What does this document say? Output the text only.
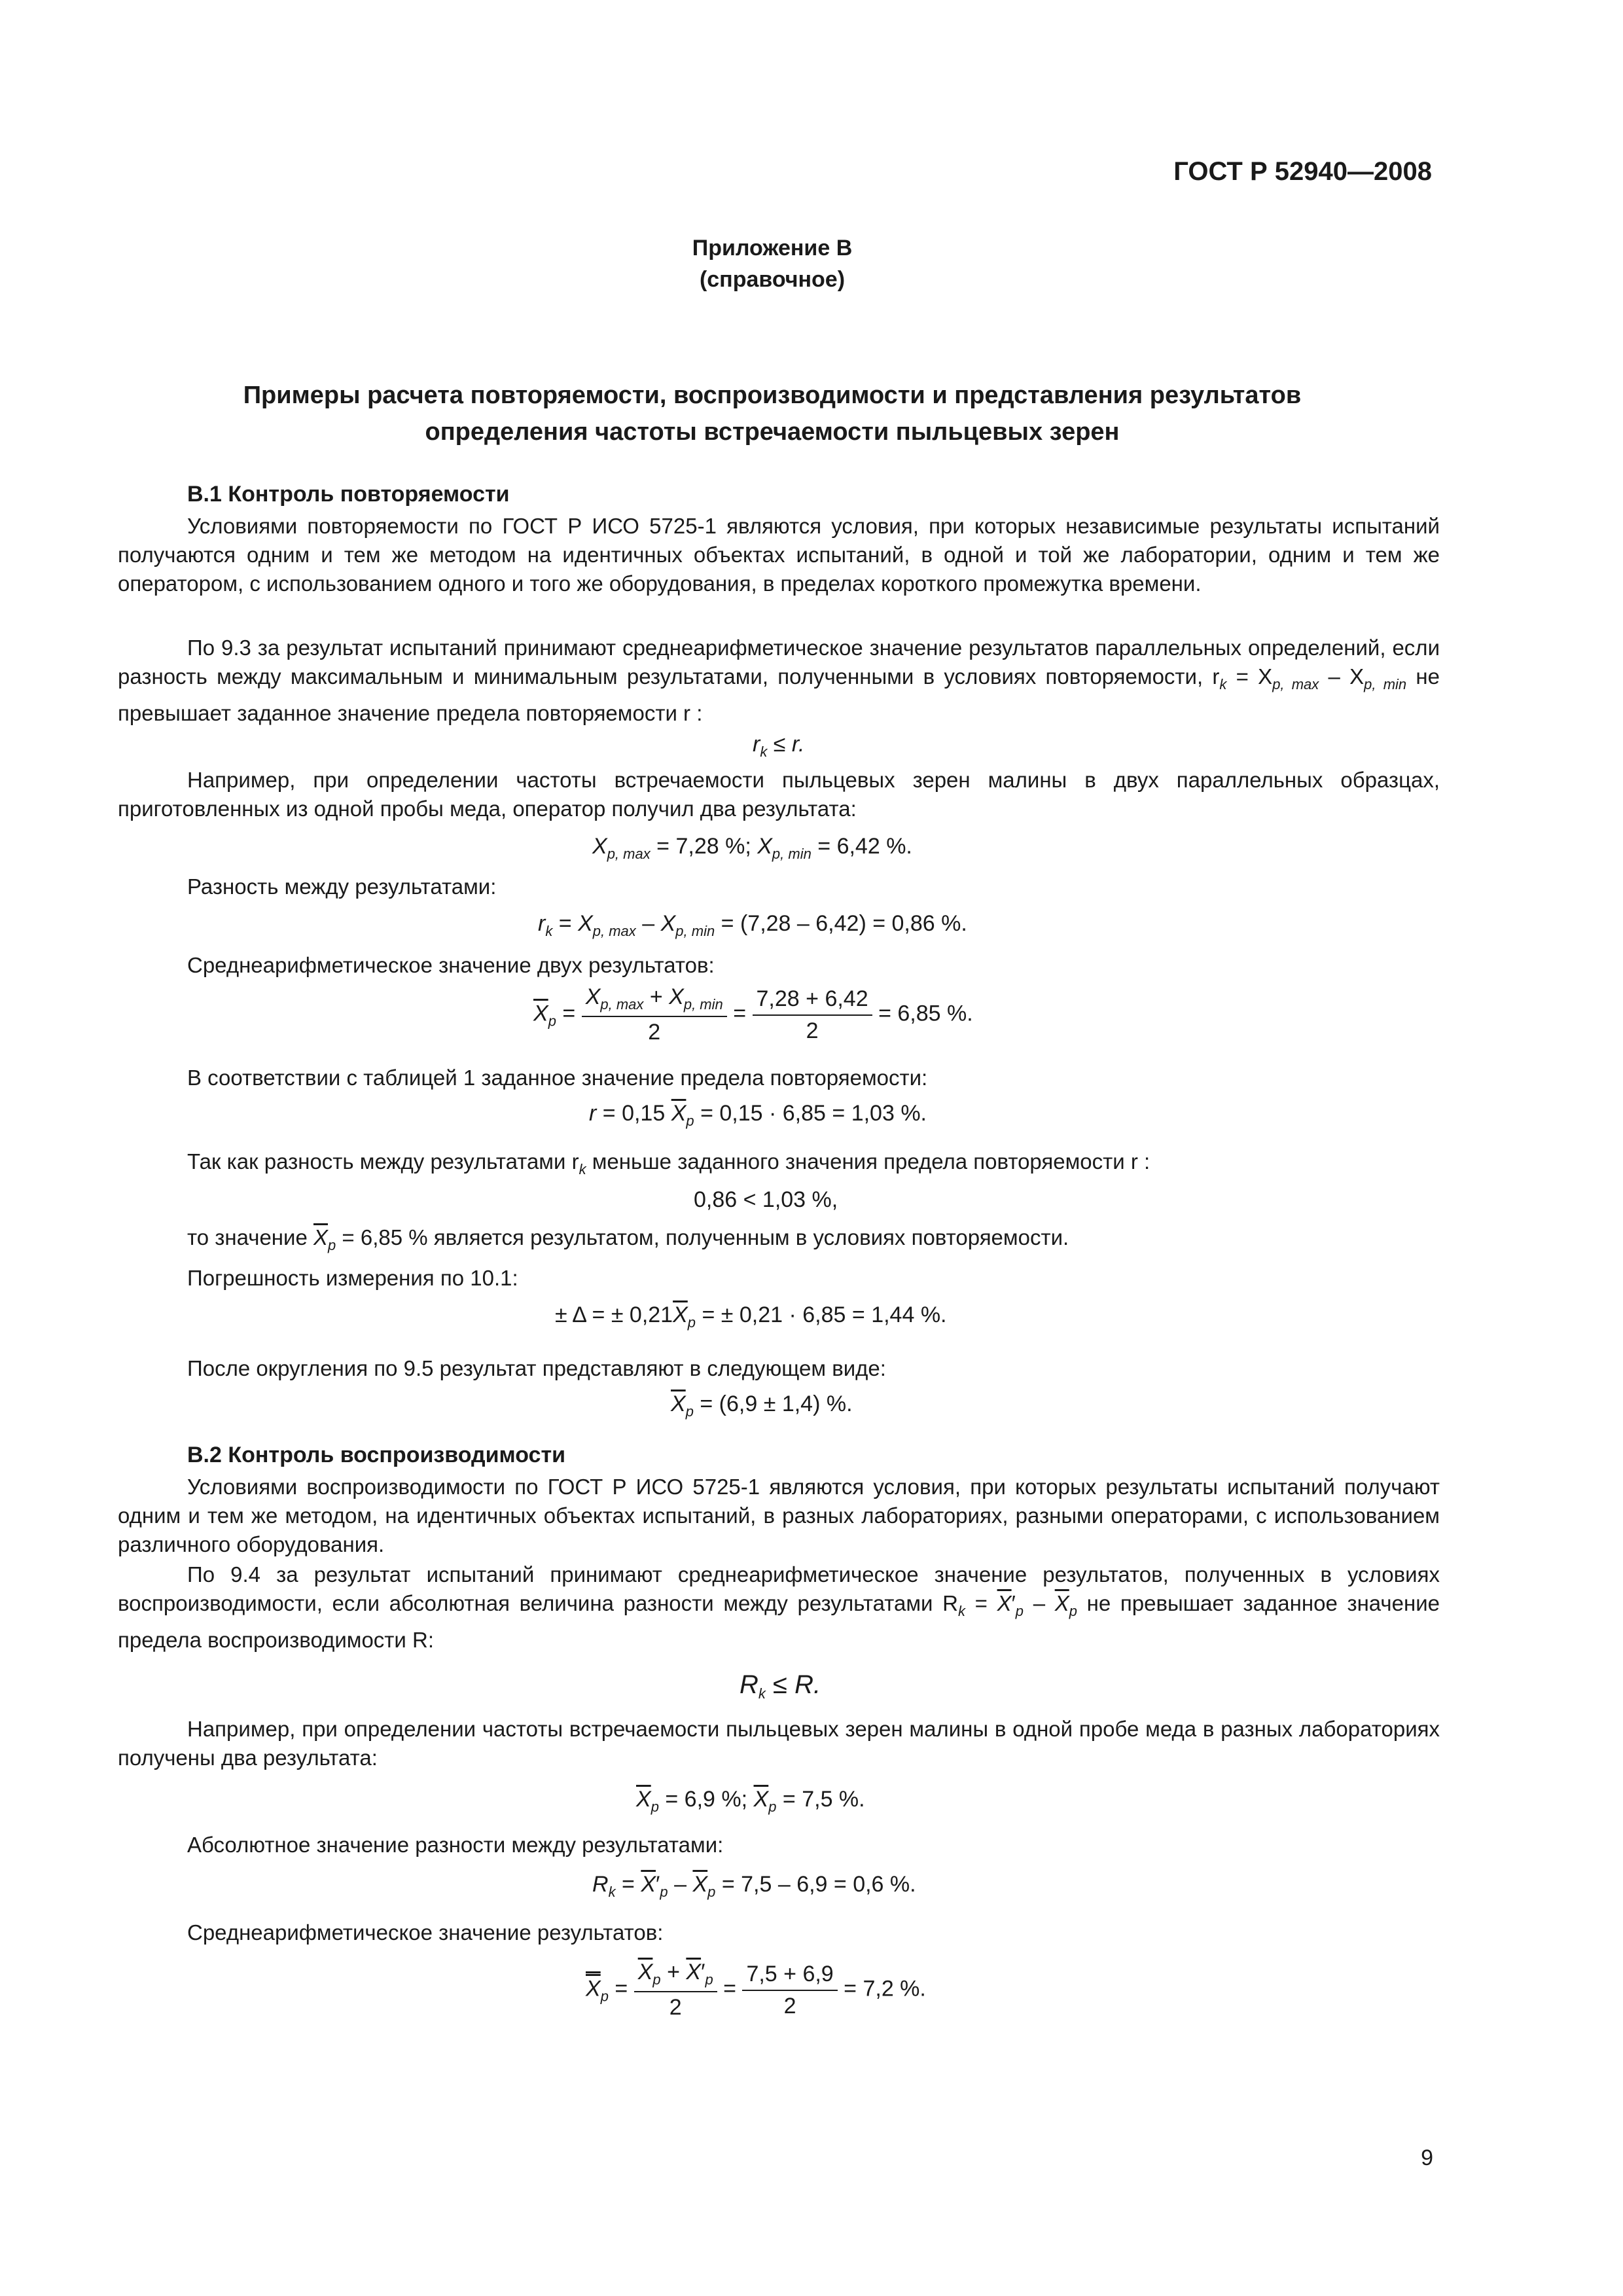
ГОСТ Р 52940—2008
Приложение В
(справочное)
Примеры расчета повторяемости, воспроизводимости и представления результатов
определения частоты встречаемости пыльцевых зерен
В.1 Контроль повторяемости
Условиями повторяемости по ГОСТ Р ИСО 5725-1 являются условия, при которых независимые результаты испытаний получаются одним и тем же методом на идентичных объектах испытаний, в одной и той же лаборатории, одним и тем же оператором, с использованием одного и того же оборудования, в пределах короткого промежутка времени.
По 9.3 за результат испытаний принимают среднеарифметическое значение результатов параллельных определений, если разность между максимальным и минимальным результатами, полученными в условиях повторяемости, $r_k = X_{p, max} - X_{p, min}$ не превышает заданное значение предела повторяемости r :
$r_k \le r$.
Например, при определении частоты встречаемости пыльцевых зерен малины в двух параллельных образцах, приготовленных из одной пробы меда, оператор получил два результата:
$X_{p, max} = 7,28$ %; $X_{p, min} = 6,42$ %.
Разность между результатами:
$r_k = X_{p, max} - X_{p, min} = (7,28 - 6,42) = 0,86$ %.
Среднеарифметическое значение двух результатов:
$\overline{X}_p = \frac{X_{p, max} + X_{p, min}}{2} = \frac{7,28 + 6,42}{2} = 6,85$ %.
В соответствии с таблицей 1 заданное значение предела повторяемости:
r = 0,15 $\overline{X}_p = 0,15 \cdot 6,85 = 1,03$ %.
Так как разность между результатами $r_k$ меньше заданного значения предела повторяемости r :
0,86 < 1,03 %,
то значение $\overline{X}_p = 6,85$ % является результатом, полученным в условиях повторяемости.
Погрешность измерения по 10.1:
± Δ = ± $0,21\overline{X}_p$ = ± 0,21 · 6,85 = 1,44 %.
После округления по 9.5 результат представляют в следующем виде:
$\overline{X}_p = (6,9 \pm 1,4)$ %.
В.2 Контроль воспроизводимости
Условиями воспроизводимости по ГОСТ Р ИСО 5725-1 являются условия, при которых результаты испытаний получают одним и тем же методом, на идентичных объектах испытаний, в разных лабораториях, разными операторами, с использованием различного оборудования.
По 9.4 за результат испытаний принимают среднеарифметическое значение результатов, полученных в условиях воспроизводимости, если абсолютная величина разности между результатами $R_k = \overline{X}'_p - \overline{X}_p$ не превышает заданное значение предела воспроизводимости R:
$R_k \le R$.
Например, при определении частоты встречаемости пыльцевых зерен малины в одной пробе меда в разных лабораториях получены два результата:
$\overline{X}_p = 6,9$ %; $\overline{X}_p = 7,5$ %.
Абсолютное значение разности между результатами:
$R_k = \overline{X}'_p - \overline{X}_p = 7,5 - 6,9 = 0,6$ %.
Среднеарифметическое значение результатов:
$X_p = \frac{\overline{X}_p + \overline{X}'_p}{2} = \frac{7,5 + 6,9}{2} = 7,2$ %.
9
